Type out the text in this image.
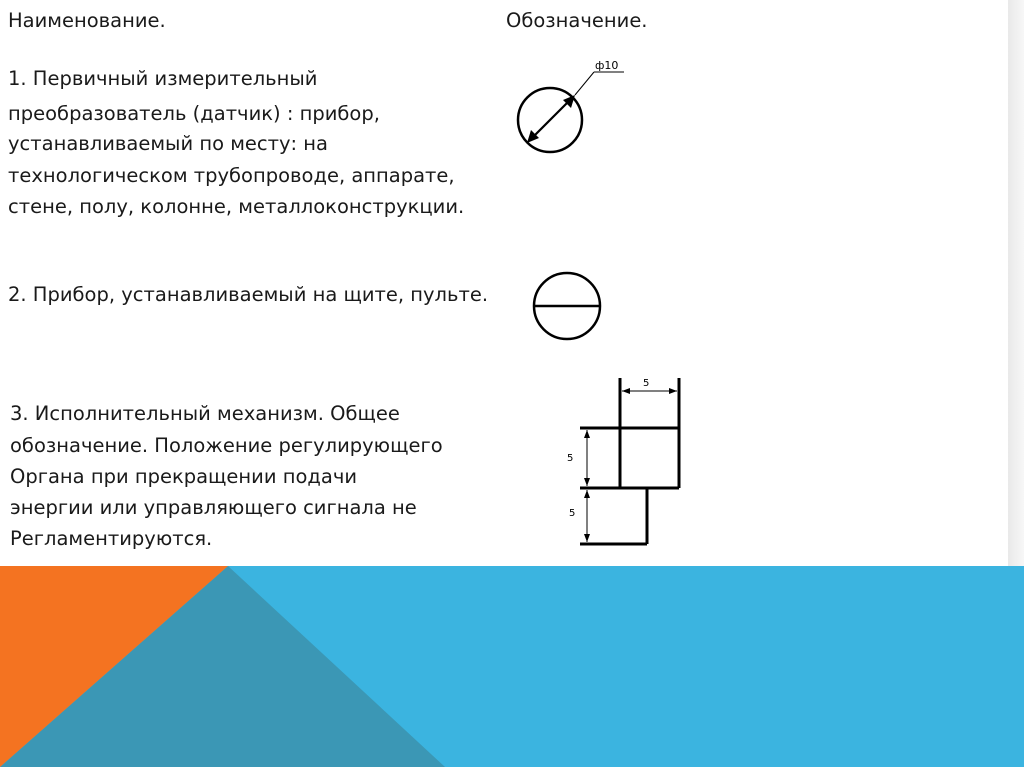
Наименование.	Обозначение.
1. Первичный измерительный
преобразователь (датчик) : прибор,
устанавливаемый по месту: на
технологическом трубопроводе, аппарате,
стене, полу, колонне, металлоконструкции.
ф10
2. Прибор, устанавливаемый на щите, пульте.
3. Исполнительный механизм. Общее
обозначение. Положение регулирующего
Органа при прекращении подачи
энергии или управляющего сигнала не
Регламентируются.
5
5
5
